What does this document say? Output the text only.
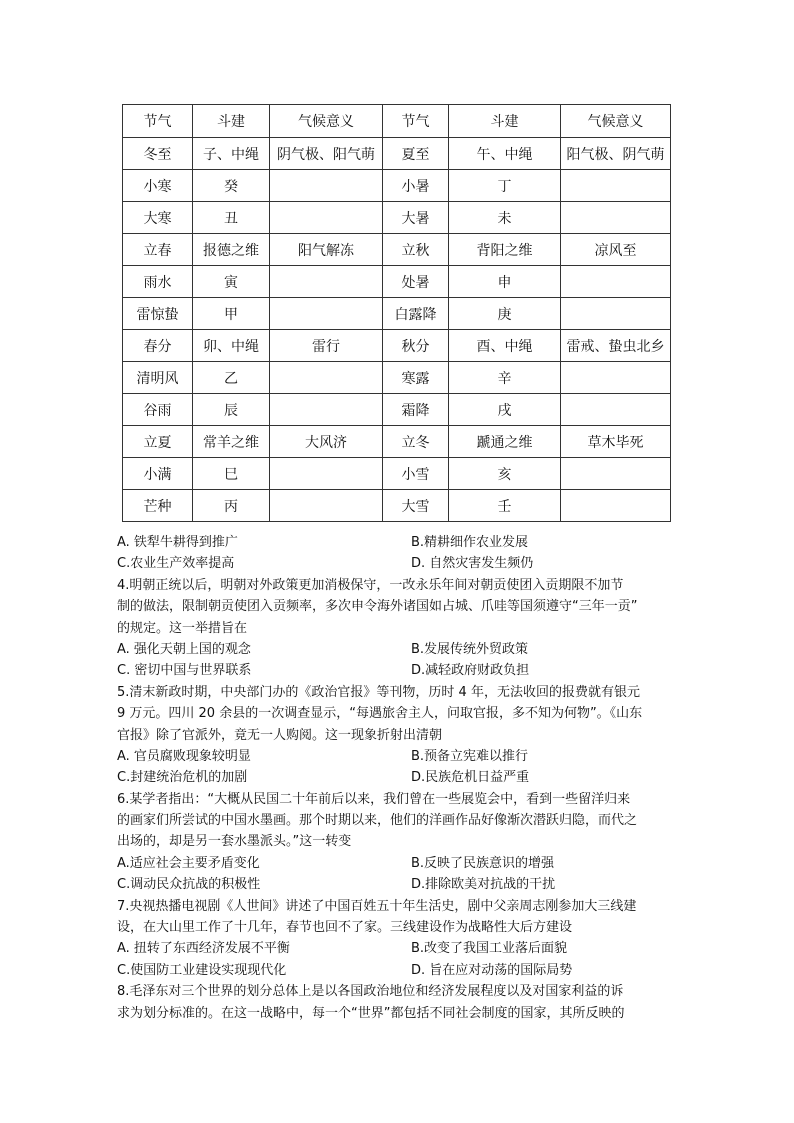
节气	斗建	气候意义	节气	斗建	气候意义
冬至	子、中绳	阴气极、阳气萌	夏至	午、中绳	阳气极、阴气萌
小寒	癸		小暑	丁	
大寒	丑		大暑	未	
立春	报德之维	阳气解冻	立秋	背阳之维	凉风至
雨水	寅		处暑	申	
雷惊蛰	甲		白露降	庚	
春分	卯、中绳	雷行	秋分	酉、中绳	雷戒、蛰虫北乡
清明风	乙		寒露	辛	
谷雨	辰		霜降	戌	
立夏	常羊之维	大风济	立冬	蹏通之维	草木毕死
小满	巳		小雪	亥	
芒种	丙		大雪	壬	
A. 铁犁牛耕得到推广	B.精耕细作农业发展
C.农业生产效率提高	D. 自然灾害发生频仍
4.明朝正统以后，明朝对外政策更加消极保守，一改永乐年间对朝贡使团入贡期限不加节
制的做法，限制朝贡使团入贡频率，多次申令海外诸国如占城、爪哇等国须遵守“三年一贡”
的规定。这一举措旨在
A. 强化天朝上国的观念	B.发展传统外贸政策
C. 密切中国与世界联系	D.减轻政府财政负担
5.清末新政时期，中央部门办的《政治官报》等刊物，历时 4 年，无法收回的报费就有银元
9 万元。四川 20 余县的一次调查显示，“每遇旅舍主人，问取官报，多不知为何物”。《山东
官报》除了官派外，竟无一人购阅。这一现象折射出清朝
A. 官员腐败现象较明显	B.预备立宪难以推行
C.封建统治危机的加剧	D.民族危机日益严重
6.某学者指出：“大概从民国二十年前后以来，我们曾在一些展览会中，看到一些留洋归来
的画家们所尝试的中国水墨画。那个时期以来，他们的洋画作品好像渐次潜跃归隐，而代之
出场的，却是另一套水墨派头。”这一转变
A.适应社会主要矛盾变化	B.反映了民族意识的增强
C.调动民众抗战的积极性	D.排除欧美对抗战的干扰
7.央视热播电视剧《人世间》讲述了中国百姓五十年生活史，剧中父亲周志刚参加大三线建
设，在大山里工作了十几年，春节也回不了家。三线建设作为战略性大后方建设
A. 扭转了东西经济发展不平衡	B.改变了我国工业落后面貌
C.使国防工业建设实现现代化	D. 旨在应对动荡的国际局势
8.毛泽东对三个世界的划分总体上是以各国政治地位和经济发展程度以及对国家利益的诉
求为划分标准的。在这一战略中，每一个“世界”都包括不同社会制度的国家，其所反映的
